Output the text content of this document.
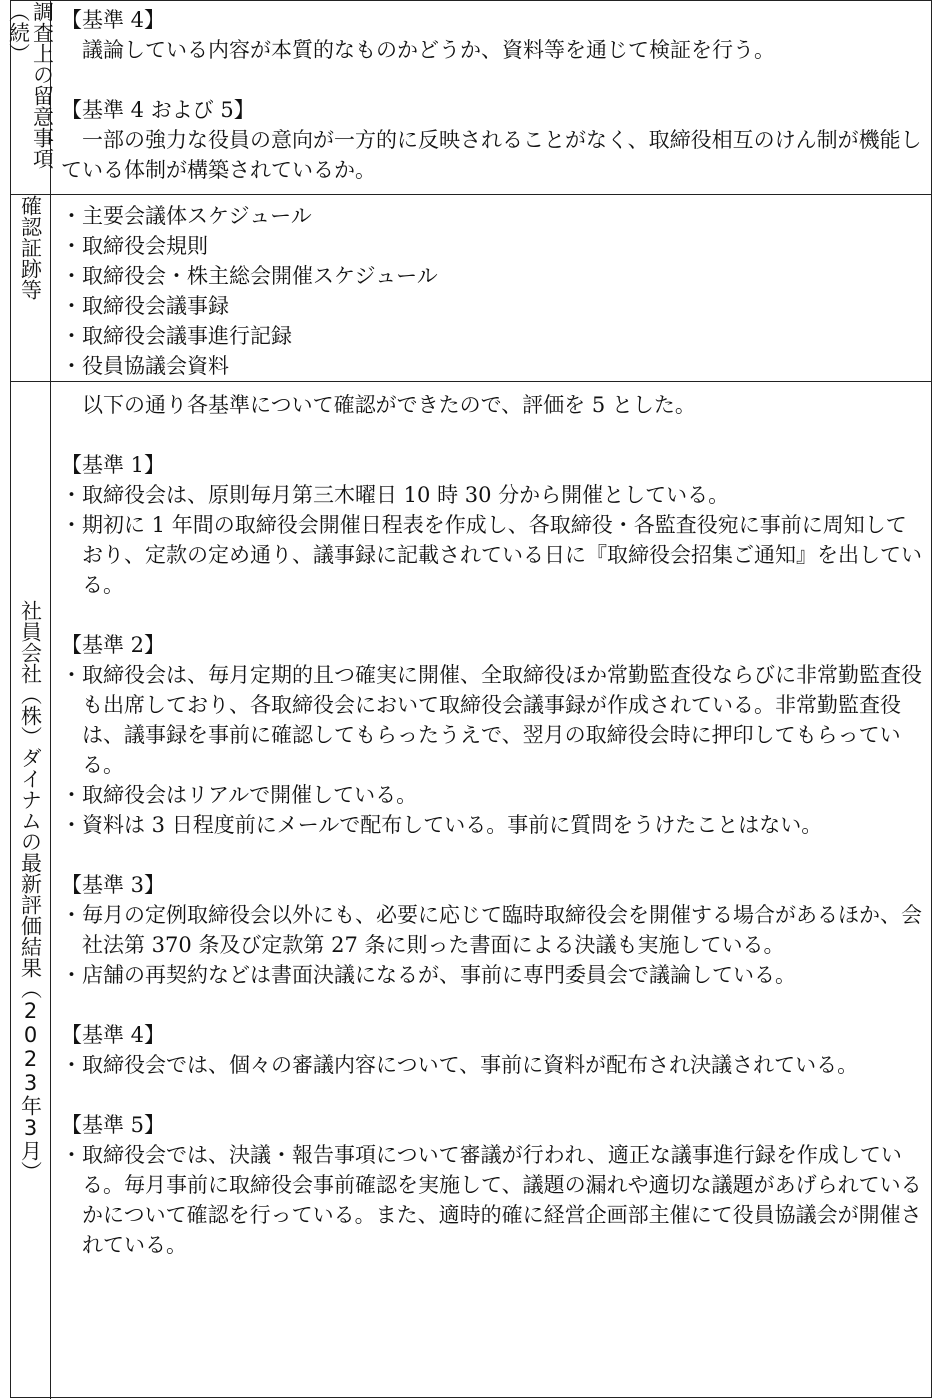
調査上の留意事項（続）	【基準 4】

議論している内容が本質的なものかどうか、資料等を通じて検証を行う。

【基準 4 および 5】

一部の強力な役員の意向が一方的に反映されることがなく、取締役相互のけん制が機能している体制が構築されているか。

確認証跡等 ・ 主要会議体スケジュール
・ 取締役会規則
・ 取締役会・株主総会開催スケジュール
・ 取締役会議事録
・ 取締役会議事進行記録
・ 役員協議会資料
社員会社（株）ダイナムの最新評価結果（2023年3月）

以下の通り各基準について確認ができたので、評価を 5 とした。

【基準 1】

・ 取締役会は、原則毎月第三木曜日 10 時 30 分から開催としている。
・ 期初に 1 年間の取締役会開催日程表を作成し、各取締役・各監査役宛に事前に周知しており、定款の定め通り、議事録に記載されている日に『取締役会招集ご通知』を出している。

【基準 2】

・ 取締役会は、毎月定期的且つ確実に開催、全取締役ほか常勤監査役ならびに非常勤監査役も出席しており、各取締役会において取締役会議事録が作成されている。非常勤監査役は、議事録を事前に確認してもらったうえで、翌月の取締役会時に押印してもらっている。
・ 取締役会はリアルで開催している。
・ 資料は 3 日程度前にメールで配布している。事前に質問をうけたことはない。

【基準 3】

・ 毎月の定例取締役会以外にも、必要に応じて臨時取締役会を開催する場合があるほか、会社法第 370 条及び定款第 27 条に則った書面による決議も実施している。
・ 店舗の再契約などは書面決議になるが、事前に専門委員会で議論している。

【基準 4】

・ 取締役会では、個々の審議内容について、事前に資料が配布され決議されている。

【基準 5】

・ 取締役会では、決議・報告事項について審議が行われ、適正な議事進行録を作成している。毎月事前に取締役会事前確認を実施して、議題の漏れや適切な議題があげられているかについて確認を行っている。また、適時的確に経営企画部主催にて役員協議会が開催されている。
